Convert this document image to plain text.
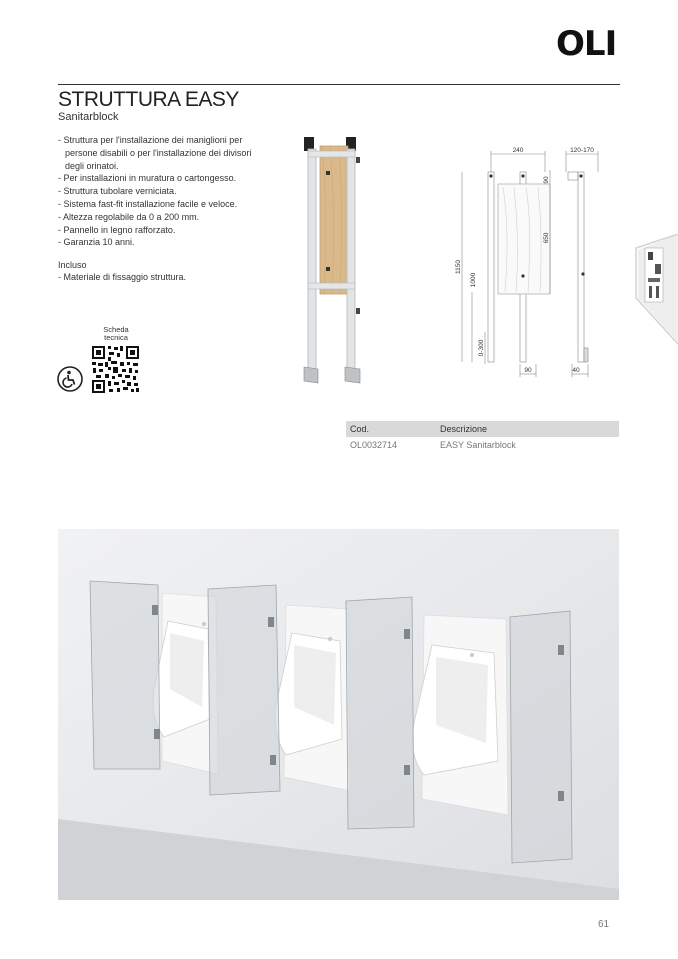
OLI
STRUTTURA EASY
Sanitarblock
- Struttura per l'installazione dei maniglioni per persone disabili o per l'installazione dei divisori degli orinatoi.
- Per installazioni in muratura o cartongesso.
- Struttura tubolare verniciata.
- Sistema fast-fit installazione facile e veloce.
- Altezza regolabile da 0 a 200 mm.
- Pannello in legno rafforzato.
- Garanzia 10 anni.
Incluso
- Materiale di fissaggio struttura.
Scheda tecnica
240	120-170
90
650
1150
1000
0-300
90	40
Cod.	Descrizione
OL0032714	EASY Sanitarblock
61
